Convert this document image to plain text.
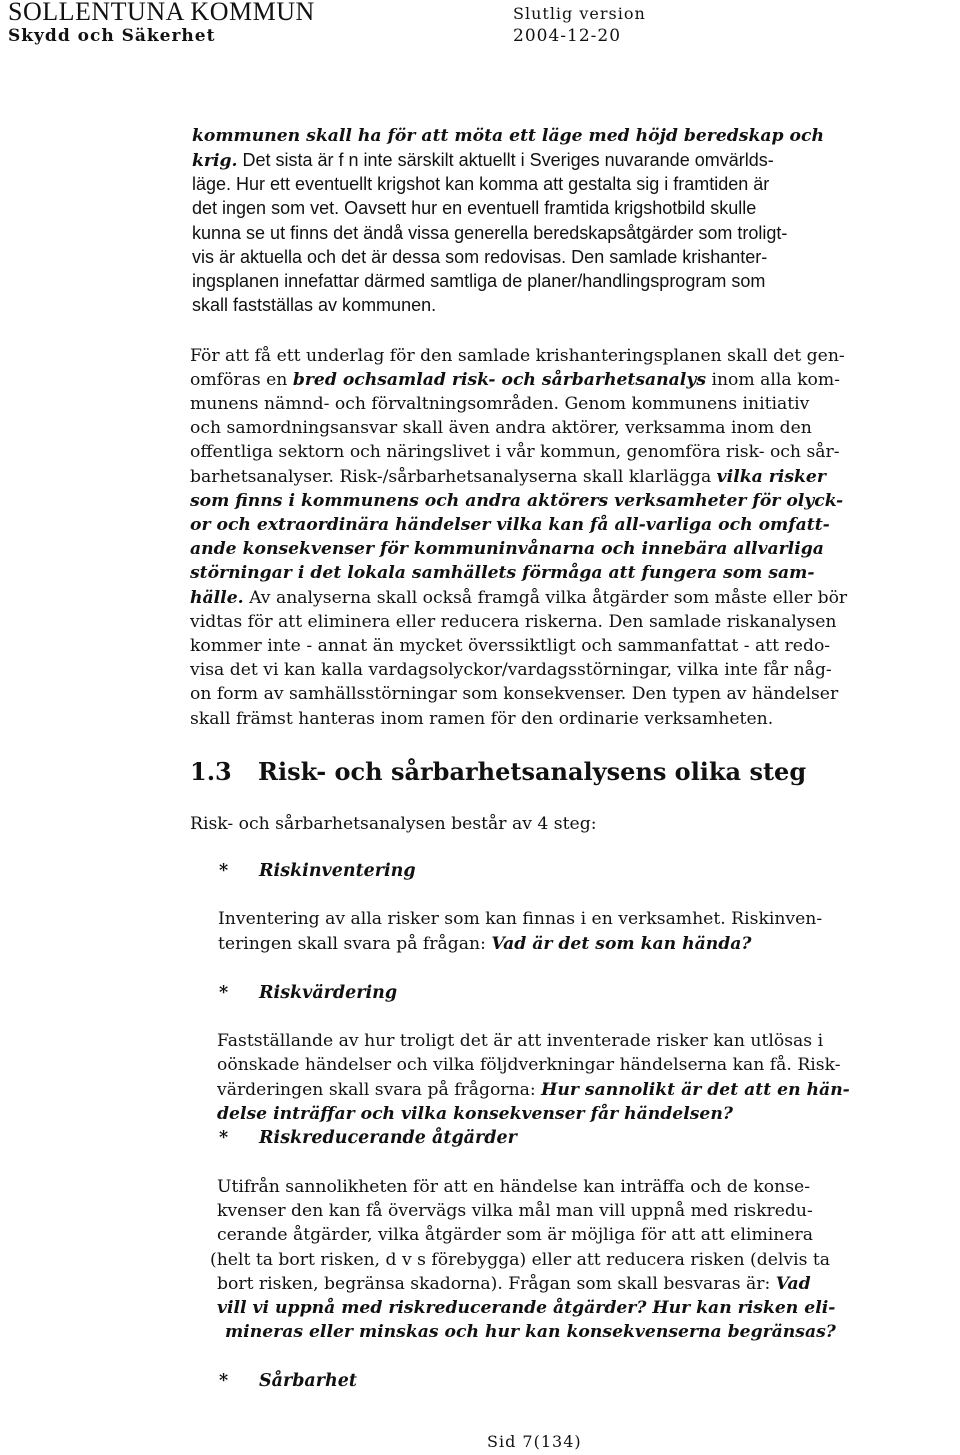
SOLLENTUNA KOMMUN
Skydd och Säkerhet
Slutlig version
2004-12-20
kommunen skall ha för att möta ett läge med höjd beredskap och
krig. Det sista är f n inte särskilt aktuellt i Sveriges nuvarande omvärlds-
läge. Hur ett eventuellt krigshot kan komma att gestalta sig i framtiden är
det ingen som vet. Oavsett hur en eventuell framtida krigshotbild skulle
kunna se ut finns det ändå vissa generella beredskapsåtgärder som troligt-
vis är aktuella och det är dessa som redovisas. Den samlade krishanter-
ingsplanen innefattar därmed samtliga de planer/handlingsprogram som
skall fastställas av kommunen.
För att få ett underlag för den samlade krishanteringsplanen skall det gen-
omföras en bred ochsamlad risk- och sårbarhetsanalys inom alla kom-
munens nämnd- och förvaltningsområden. Genom kommunens initiativ
och samordningsansvar skall även andra aktörer, verksamma inom den
offentliga sektorn och näringslivet i vår kommun, genomföra risk- och sår-
barhetsanalyser. Risk-/sårbarhetsanalyserna skall klarlägga vilka risker
som finns i kommunens och andra aktörers verksamheter för olyck-
or och extraordinära händelser vilka kan få all-varliga och omfatt-
ande konsekvenser för kommuninvånarna och innebära allvarliga
störningar i det lokala samhällets förmåga att fungera som sam-
hälle. Av analyserna skall också framgå vilka åtgärder som måste eller bör
vidtas för att eliminera eller reducera riskerna. Den samlade riskanalysen
kommer inte - annat än mycket överssiktligt och sammanfattat - att redo-
visa det vi kan kalla vardagsolyckor/vardagsstörningar, vilka inte får någ-
on form av samhällsstörningar som konsekvenser. Den typen av händelser
skall främst hanteras inom ramen för den ordinarie verksamheten.
1.3 Risk- och sårbarhetsanalysens olika steg
Risk- och sårbarhetsanalysen består av 4 steg:
* Riskinventering
Inventering av alla risker som kan finnas i en verksamhet. Riskinven-
teringen skall svara på frågan: Vad är det som kan hända?
* Riskvärdering
Fastställande av hur troligt det är att inventerade risker kan utlösas i
oönskade händelser och vilka följdverkningar händelserna kan få. Risk-
värderingen skall svara på frågorna: Hur sannolikt är det att en hän-
delse inträffar och vilka konsekvenser får händelsen?
* Riskreducerande åtgärder
Utifrån sannolikheten för att en händelse kan inträffa och de konse-
kvenser den kan få övervägs vilka mål man vill uppnå med riskredu-
cerande åtgärder, vilka åtgärder som är möjliga för att att eliminera
(helt ta bort risken, d v s förebygga) eller att reducera risken (delvis ta
bort risken, begränsa skadorna). Frågan som skall besvaras är: Vad
vill vi uppnå med riskreducerande åtgärder? Hur kan risken eli-
mineras eller minskas och hur kan konsekvenserna begränsas?
* Sårbarhet
Sid 7(134)
